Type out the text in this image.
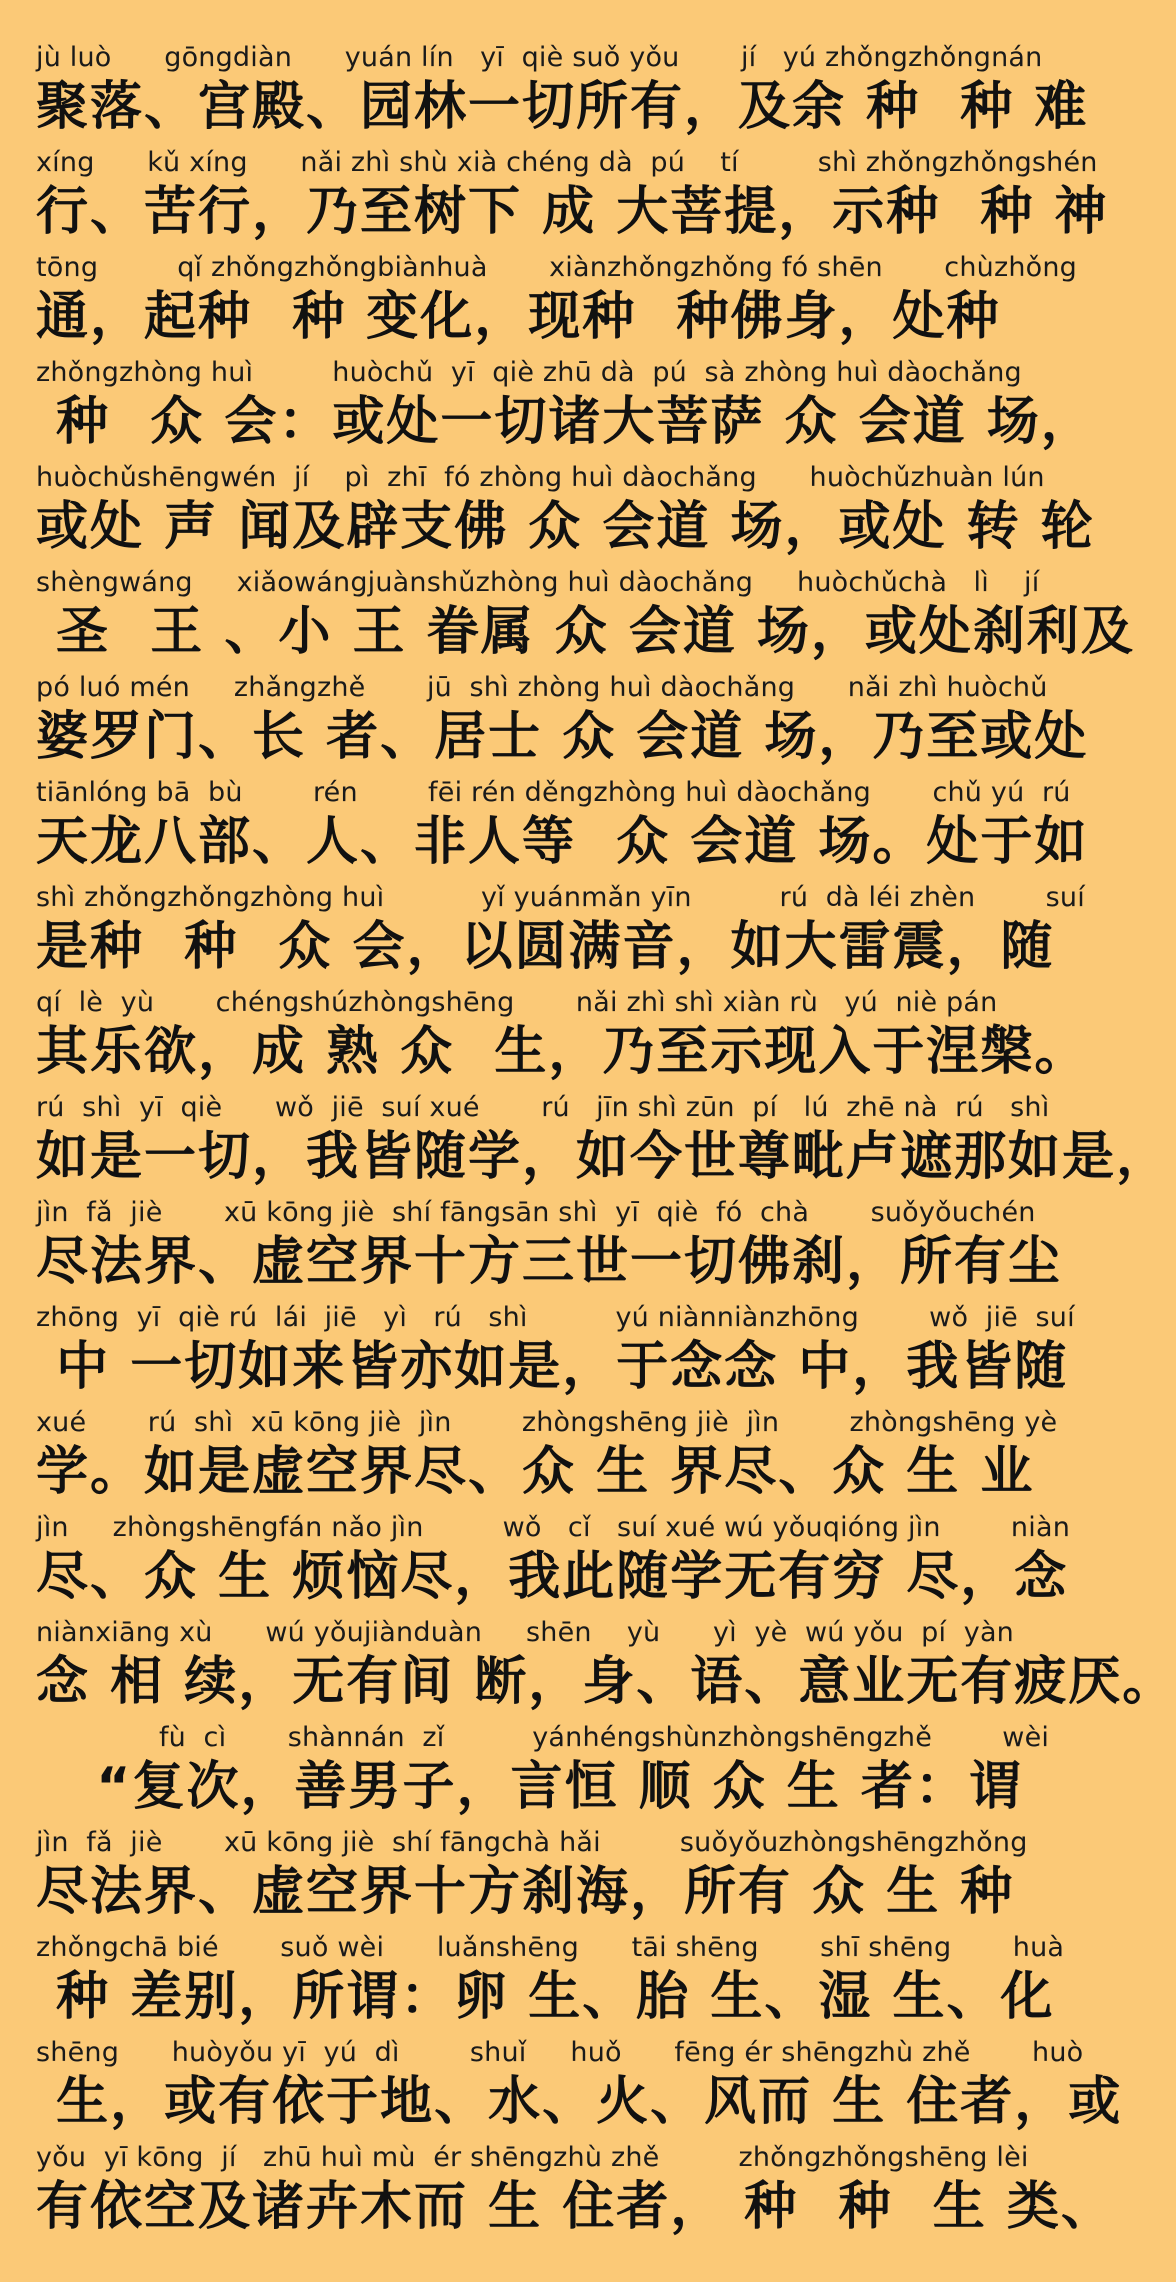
jù luò      gōngdiàn      yuán lín   yī  qiè suǒ yǒu       jí   yú zhǒngzhǒngnán
聚落、宫殿、园林一切所有，及余 种  种 难
xíng      kǔ xíng      nǎi zhì shù xià chéng dà  pú    tí         shì zhǒngzhǒngshén
行、苦行，乃至树下 成 大菩提，示种  种 神
tōng         qǐ zhǒngzhǒngbiànhuà       xiànzhǒngzhǒng fó shēn       chùzhǒng
通，起种  种 变化，现种  种佛身，处种
zhǒngzhòng huì         huòchǔ  yī  qiè zhū dà  pú  sà zhòng huì dàochǎng
种  众 会：或处一切诸大菩萨 众 会道 场，
huòchǔshēngwén  jí    pì  zhī  fó zhòng huì dàochǎng      huòchǔzhuàn lún
或处 声 闻及辟支佛 众 会道 场，或处 转 轮
shèngwáng     xiǎowángjuànshǔzhòng huì dàochǎng     huòchǔchà   lì    jí
圣  王 、小 王 眷属 众 会道 场，或处刹利及
pó luó mén     zhǎngzhě       jū  shì zhòng huì dàochǎng      nǎi zhì huòchǔ
婆罗门、长 者、居士 众 会道 场，乃至或处
tiānlóng bā  bù        rén        fēi rén děngzhòng huì dàochǎng       chǔ yú  rú
天龙八部、人、非人等  众 会道 场。处于如
shì zhǒngzhǒngzhòng huì           yǐ yuánmǎn yīn          rú  dà léi zhèn        suí
是种  种  众 会，以圆满音，如大雷震，随
qí  lè  yù       chéngshúzhòngshēng       nǎi zhì shì xiàn rù   yú  niè pán
其乐欲，成 熟 众  生，乃至示现入于涅槃。
rú  shì  yī  qiè      wǒ  jiē  suí xué       rú   jīn shì zūn  pí   lú  zhē nà  rú   shì
如是一切，我皆随学，如今世尊毗卢遮那如是，
jìn  fǎ  jiè       xū kōng jiè  shí fāngsān shì  yī  qiè  fó  chà       suǒyǒuchén
尽法界、虚空界十方三世一切佛刹，所有尘
zhōng  yī  qiè rú  lái  jiē   yì   rú   shì          yú niànniànzhōng        wǒ  jiē  suí
中 一切如来皆亦如是，于念念 中，我皆随
xué       rú  shì  xū kōng jiè  jìn        zhòngshēng jiè  jìn        zhòngshēng yè
学。如是虚空界尽、众 生 界尽、众 生 业
jìn     zhòngshēngfán nǎo jìn         wǒ   cǐ   suí xué wú yǒuqióng jìn        niàn
尽、众 生 烦恼尽，我此随学无有穷 尽，念
niànxiāng xù      wú yǒujiànduàn     shēn    yù      yì  yè  wú yǒu  pí  yàn
念 相 续，无有间 断，身、语、意业无有疲厌。
fù  cì       shànnán  zǐ          yánhéngshùnzhòngshēngzhě        wèi
“复次，善男子，言恒 顺 众 生 者：谓
jìn  fǎ  jiè       xū kōng jiè  shí fāngchà hǎi         suǒyǒuzhòngshēngzhǒng
尽法界、虚空界十方刹海，所有 众 生 种
zhǒngchā bié       suǒ wèi      luǎnshēng      tāi shēng       shī shēng       huà
种 差别，所谓：卵 生、胎 生、湿 生、化
shēng      huòyǒu yī  yú  dì        shuǐ     huǒ      fēng ér shēngzhù zhě       huò
生，或有依于地、水、火、风而 生 住者，或
yǒu  yī kōng  jí   zhū huì mù  ér shēngzhù zhě         zhǒngzhǒngshēng lèi
有依空及诸卉木而 生 住者， 种  种  生 类、
